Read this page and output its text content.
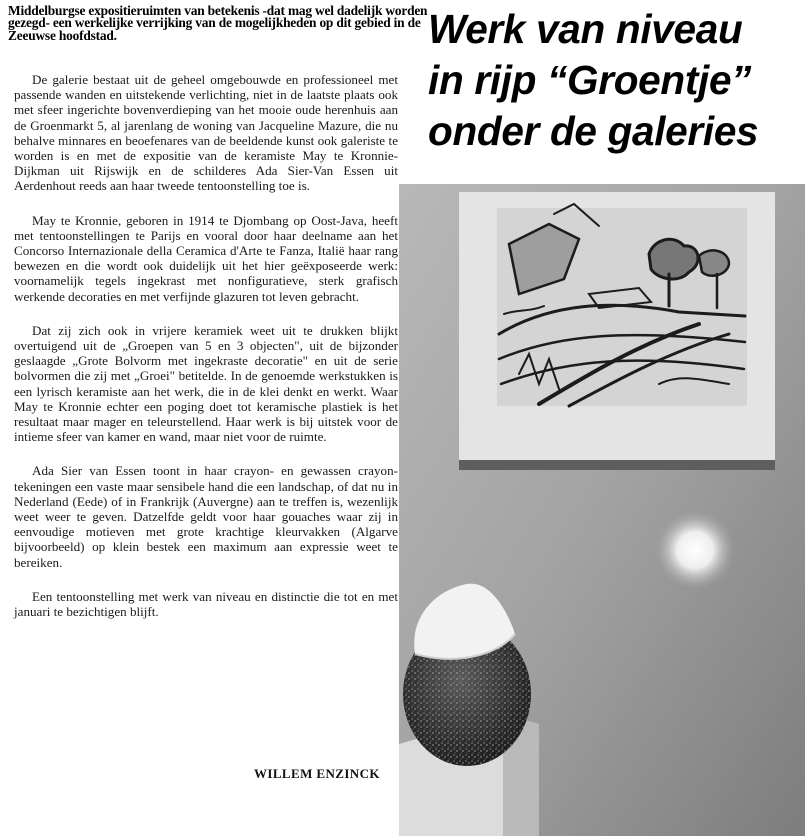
Middelburgse expositieruimten van betekenis -dat mag wel dadelijk worden gezegd- een werkelijke verrijking van de mogelijkheden op dit gebied in de Zeeuwse hoofdstad.	Werk van niveau
in rijp “Groentje”
onder de galeries

De galerie bestaat uit de geheel omgebouwde en professioneel met passende wanden en uitstekende verlichting, niet in de laatste plaats ook met sfeer ingerichte bovenverdieping van het mooie oude herenhuis aan de Groenmarkt 5, al jarenlang de woning van Jacqueline Mazure, die nu behalve minnares en beoefenares van de beeldende kunst ook galeriste te worden is en met de expositie van de keramiste May te Kronnie-Dijkman uit Rijswijk en de schilderes Ada Sier-Van Essen uit Aerdenhout reeds aan haar tweede tentoonstelling toe is.

May te Kronnie, geboren in 1914 te Djombang op Oost-Java, heeft met tentoonstellingen te Parijs en vooral door haar deelname aan het Concorso Internazionale della Ceramica d'Arte te Fanza, Italië haar rang bewezen en die wordt ook duidelijk uit het hier geëxposeerde werk: voornamelijk tegels ingekrast met nonfiguratieve, sterk grafisch werkende decoraties en met verfijnde glazuren tot leven gebracht.

Dat zij zich ook in vrijere keramiek weet uit te drukken blijkt overtuigend uit de „Groepen van 5 en 3 objecten", uit de bijzonder geslaagde „Grote Bolvorm met ingekraste decoratie" en uit de serie bolvormen die zij met „Groei" betitelde. In de genoemde werkstukken is een lyrisch keramiste aan het werk, die in de klei denkt en werkt. Waar May te Kronnie echter een poging doet tot keramische plastiek is het resultaat maar mager en teleurstellend. Haar werk is bij uitstek voor de intieme sfeer van kamer en wand, maar niet voor de ruimte.

Ada Sier van Essen toont in haar crayon- en gewassen crayon-tekeningen een vaste maar sensibele hand die een landschap, of dat nu in Nederland (Eede) of in Frankrijk (Auvergne) aan te treffen is, wezenlijk weet weer te geven. Datzelfde geldt voor haar gouaches waar zij in eenvoudige motieven met grote krachtige kleurvakken (Algarve bijvoorbeeld) op klein bestek een maximum aan expressie weet te bereiken.

Een tentoonstelling met werk van niveau en distinctie die tot en met januari te bezichtigen blijft.

WILLEM ENZINCK
